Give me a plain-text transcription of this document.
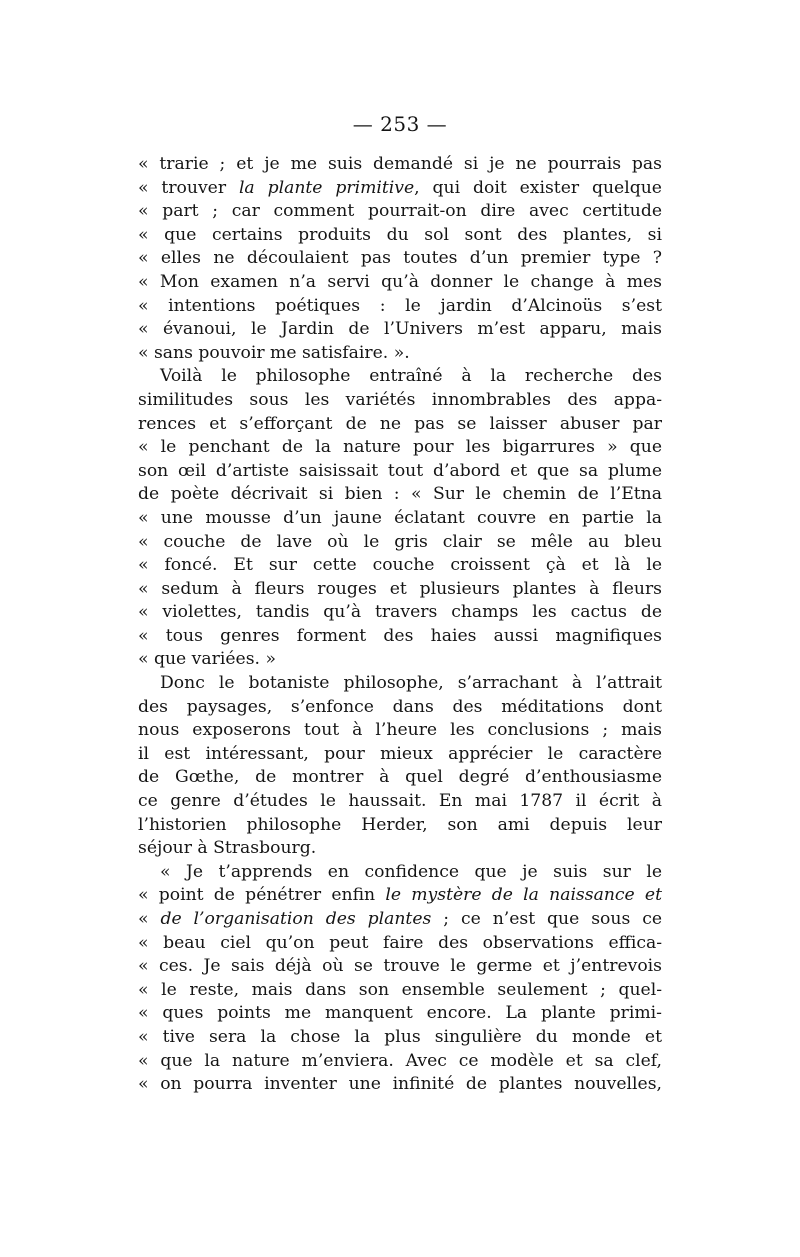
— 253 —
« trarie ; et je me suis demandé si je ne pourrais pas
« trouver la plante primitive, qui doit exister quelque
« part ; car comment pourrait-on dire avec certitude
« que certains produits du sol sont des plantes, si
« elles ne découlaient pas toutes d’un premier type ?
« Mon examen n’a servi qu’à donner le change à mes
« intentions poétiques : le jardin d’Alcinoüs s’est
« évanoui, le Jardin de l’Univers m’est apparu, mais
« sans pouvoir me satisfaire. ».
Voilà le philosophe entraîné à la recherche des
similitudes sous les variétés innombrables des appa-
rences et s’efforçant de ne pas se laisser abuser par
« le penchant de la nature pour les bigarrures » que
son œil d’artiste saisissait tout d’abord et que sa plume
de poète décrivait si bien : « Sur le chemin de l’Etna
« une mousse d’un jaune éclatant couvre en partie la
« couche de lave où le gris clair se mêle au bleu
« foncé. Et sur cette couche croissent çà et là le
« sedum à fleurs rouges et plusieurs plantes à fleurs
« violettes, tandis qu’à travers champs les cactus de
« tous genres forment des haies aussi magnifiques
« que variées. »
Donc le botaniste philosophe, s’arrachant à l’attrait
des paysages, s’enfonce dans des méditations dont
nous exposerons tout à l’heure les conclusions ; mais
il est intéressant, pour mieux apprécier le caractère
de Gœthe, de montrer à quel degré d’enthousiasme
ce genre d’études le haussait. En mai 1787 il écrit à
l’historien philosophe Herder, son ami depuis leur
séjour à Strasbourg.
« Je t’apprends en confidence que je suis sur le
« point de pénétrer enfin le mystère de la naissance et
« de l’organisation des plantes ; ce n’est que sous ce
« beau ciel qu’on peut faire des observations effica-
« ces. Je sais déjà où se trouve le germe et j’entrevois
« le reste, mais dans son ensemble seulement ; quel-
« ques points me manquent encore. La plante primi-
« tive sera la chose la plus singulière du monde et
« que la nature m’enviera. Avec ce modèle et sa clef,
« on pourra inventer une infinité de plantes nouvelles,
